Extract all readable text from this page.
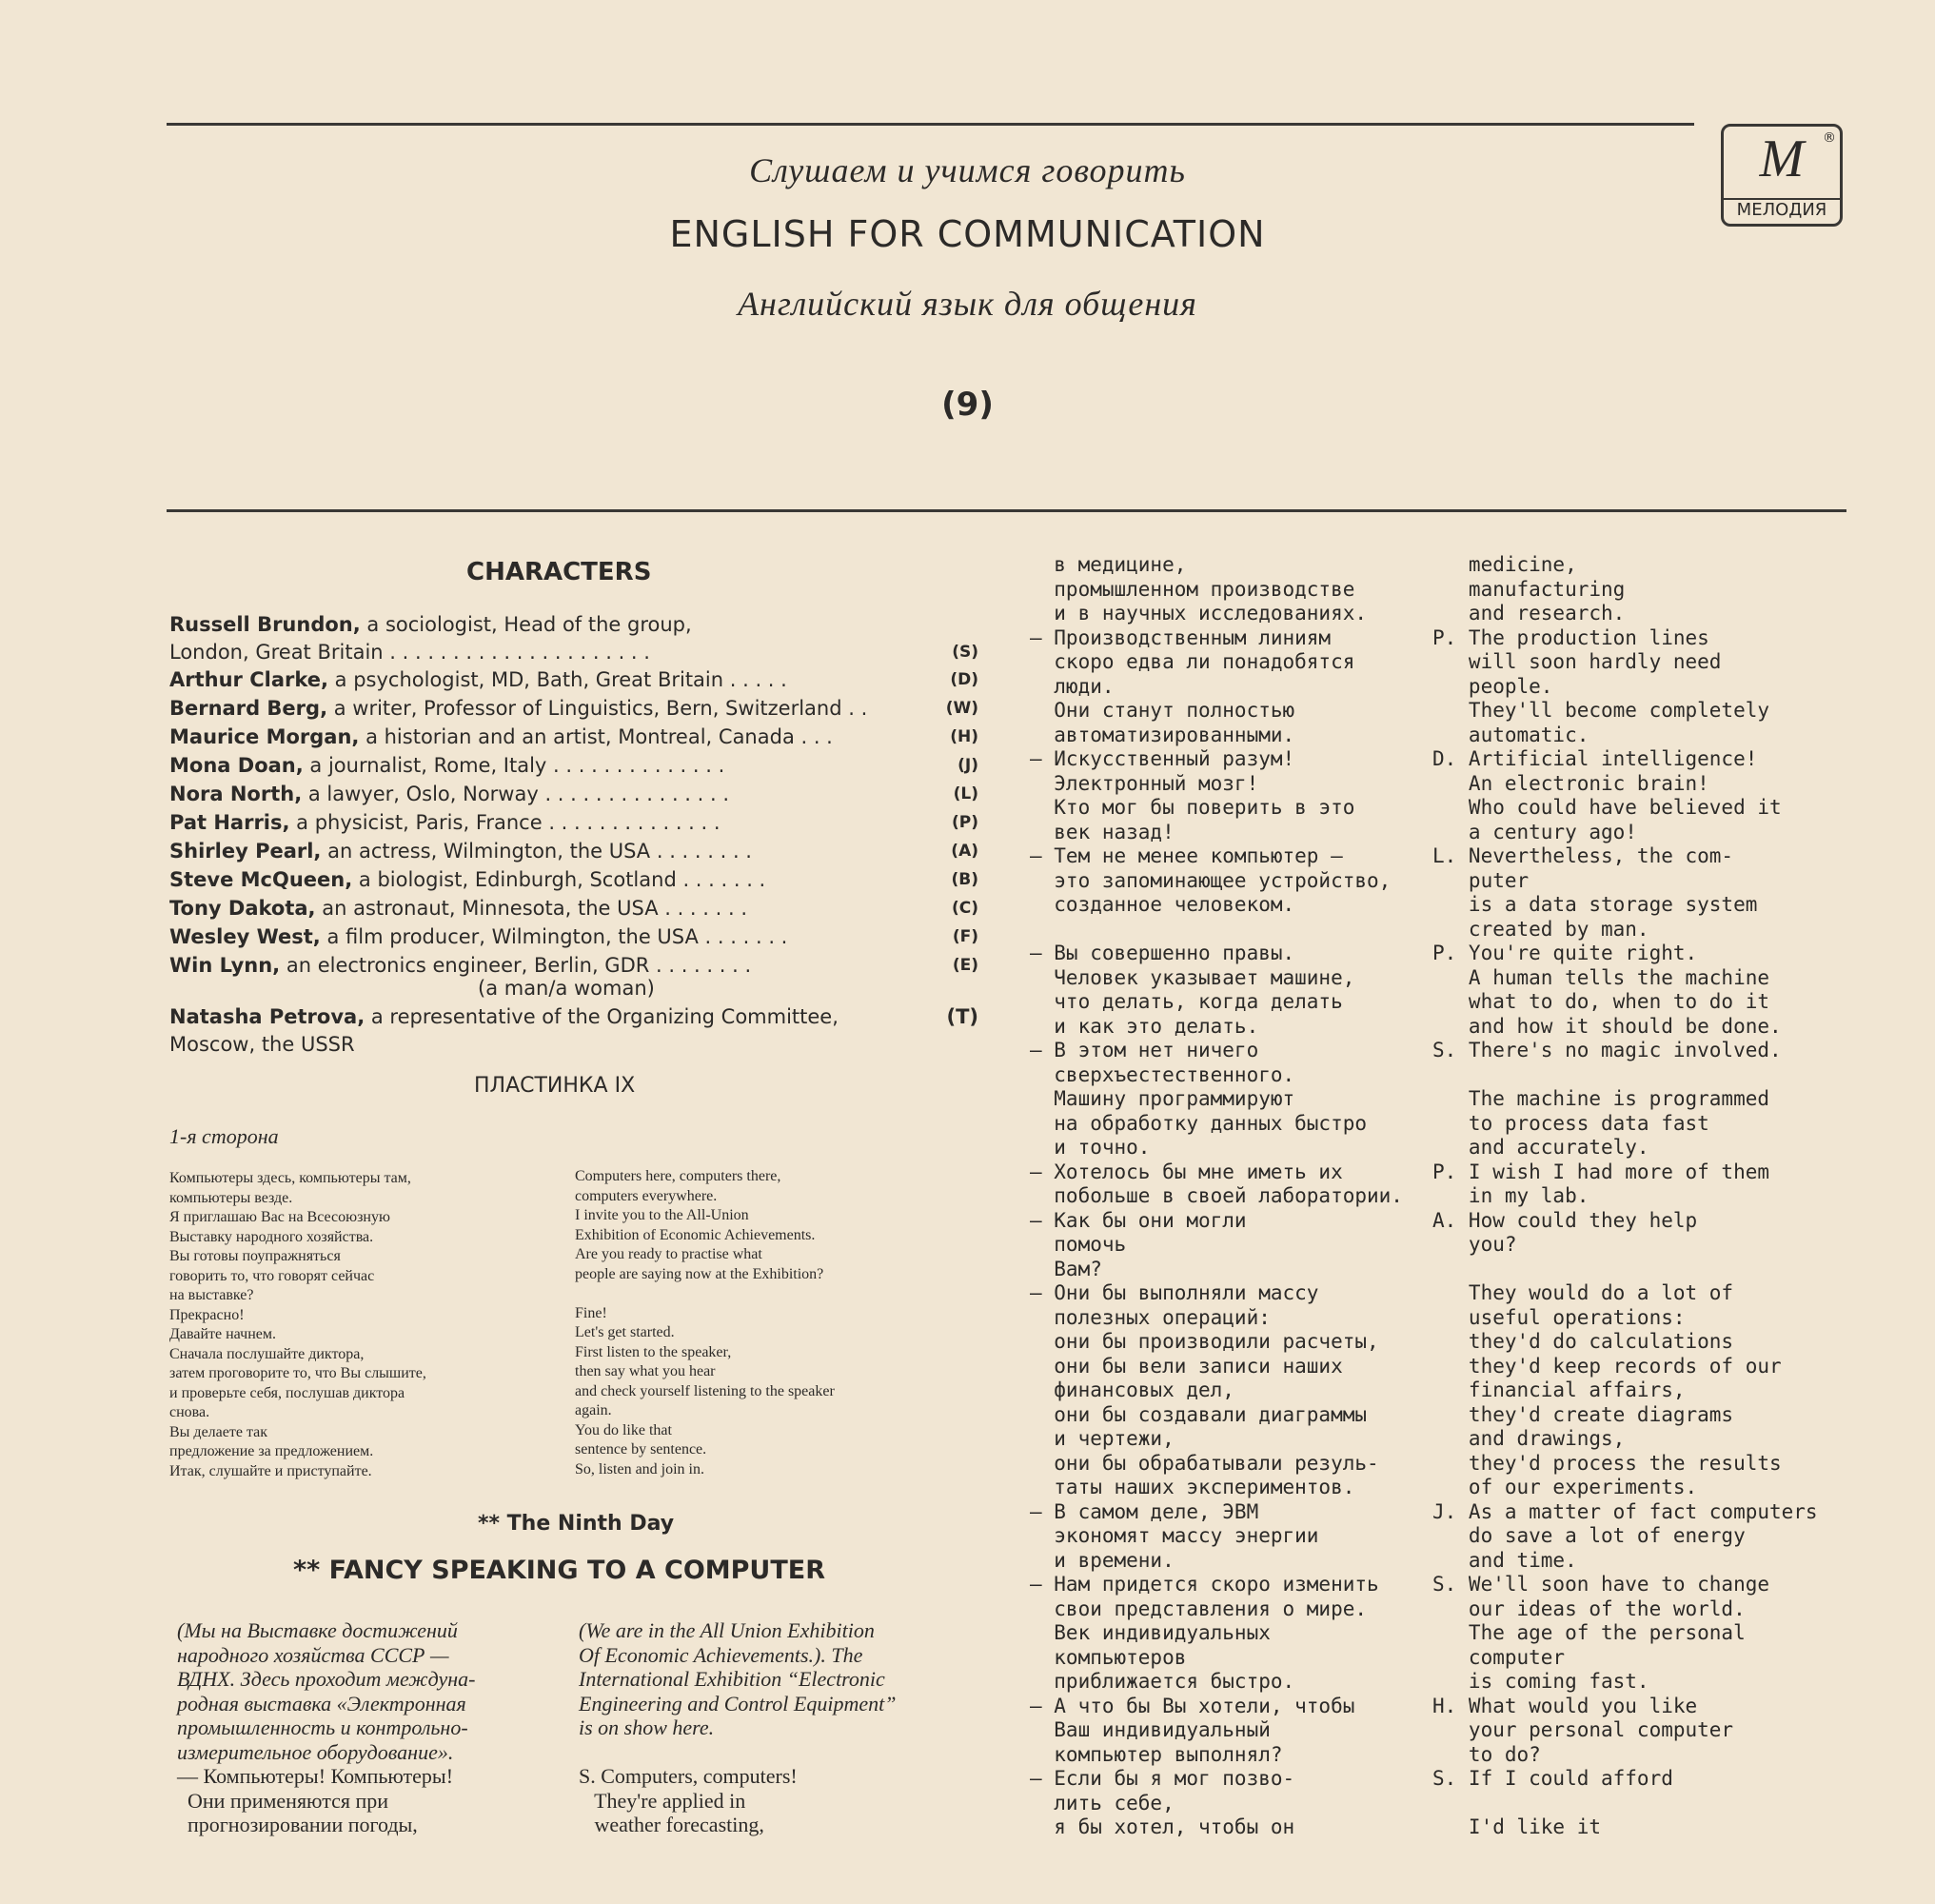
Слушаем и учимся говорить
ENGLISH FOR COMMUNICATION
Английский язык для общения
(9)
M	®
МЕЛОДИЯ
CHARACTERS
Russell Brundon, a sociologist, Head of the group,
London, Great Britain . . . . . . . . . . . . . . . . . . . . .	(S)
Arthur Clarke, a psychologist, MD, Bath, Great Britain . . . . .	(D)
Bernard Berg, a writer, Professor of Linguistics, Bern, Switzerland . .	(W)
Maurice Morgan, a historian and an artist, Montreal, Canada . . .	(H)
Mona Doan, a journalist, Rome, Italy . . . . . . . . . . . . . .	(J)
Nora North, a lawyer, Oslo, Norway . . . . . . . . . . . . . . .	(L)
Pat Harris, a physicist, Paris, France . . . . . . . . . . . . . .	(P)
Shirley Pearl, an actress, Wilmington, the USA . . . . . . . .	(A)
Steve McQueen, a biologist, Edinburgh, Scotland . . . . . . .	(B)
Tony Dakota, an astronaut, Minnesota, the USA . . . . . . .	(C)
Wesley West, a film producer, Wilmington, the USA . . . . . . .	(F)
Win Lynn, an electronics engineer, Berlin, GDR . . . . . . . .	(E)
(a man/a woman)
Natasha Petrova, a representative of the Organizing Committee,
Moscow, the USSR
(T)
ПЛАСТИНКА IX
1-я сторона
Компьютеры здесь, компьютеры там,
компьютеры везде.
Я приглашаю Вас на Всесоюзную
Выставку народного хозяйства.
Вы готовы поупражняться
говорить то, что говорят сейчас
на выставке?
Прекрасно!
Давайте начнем.
Сначала послушайте диктора,
затем проговорите то, что Вы слышите,
и проверьте себя, послушав диктора
снова.
Вы делаете так
предложение за предложением.
Итак, слушайте и приступайте.
Computers here, computers there,
computers everywhere.
I invite you to the All-Union
Exhibition of Economic Achievements.
Are you ready to practise what
people are saying now at the Exhibition?

Fine!
Let's get started.
First listen to the speaker,
then say what you hear
and check yourself listening to the speaker
again.
You do like that
sentence by sentence.
So, listen and join in.
** The Ninth Day
** FANCY SPEAKING TO A COMPUTER
(Мы на Выставке достижений
народного хозяйства СССР —
ВДНХ. Здесь проходит междуна-
родная выставка «Электронная
промышленность и контрольно-
измерительное оборудование».
— Компьютеры! Компьютеры!
Они применяются при
прогнозировании погоды,
(We are in the All Union Exhibition
Of Economic Achievements.). The
International Exhibition “Electronic
Engineering and Control Equipment”
is on show here.
S. Computers, computers!
They're applied in
weather forecasting,
в медицине,
промышленном производстве
и в научных исследованиях.
— Производственным линиям
скоро едва ли понадобятся
люди.
Они станут полностью
автоматизированными.
— Искусственный разум!
Электронный мозг!
Кто мог бы поверить в это
век назад!
— Тем не менее компьютер —
это запоминающее устройство,
созданное человеком.

— Вы совершенно правы.
Человек указывает машине,
что делать, когда делать
и как это делать.
— В этом нет ничего
сверхъестественного.
Машину программируют
на обработку данных быстро
и точно.
— Хотелось бы мне иметь их
побольше в своей лаборатории.
— Как бы они могли
помочь
Вам?
— Они бы выполняли массу
полезных операций:
они бы производили расчеты,
они бы вели записи наших
финансовых дел,
они бы создавали диаграммы
и чертежи,
они бы обрабатывали резуль-
таты наших экспериментов.
— В самом деле, ЭВМ
экономят массу энергии
и времени.
— Нам придется скоро изменить
свои представления о мире.
Век индивидуальных
компьютеров
приближается быстро.
— А что бы Вы хотели, чтобы
Ваш индивидуальный
компьютер выполнял?
— Если бы я мог позво-
лить себе,
я бы хотел, чтобы он
medicine,
manufacturing
and research.
P. The production lines
will soon hardly need
people.
They'll become completely
automatic.
D. Artificial intelligence!
An electronic brain!
Who could have believed it
a century ago!
L. Nevertheless, the com-
puter
is a data storage system
created by man.
P. You're quite right.
A human tells the machine
what to do, when to do it
and how it should be done.
S. There's no magic involved.

The machine is programmed
to process data fast
and accurately.
P. I wish I had more of them
in my lab.
A. How could they help
you?

They would do a lot of
useful operations:
they'd do calculations
they'd keep records of our
financial affairs,
they'd create diagrams
and drawings,
they'd process the results
of our experiments.
J. As a matter of fact computers
do save a lot of energy
and time.
S. We'll soon have to change
our ideas of the world.
The age of the personal
computer
is coming fast.
H. What would you like
your personal computer
to do?
S. If I could afford

I'd like it
